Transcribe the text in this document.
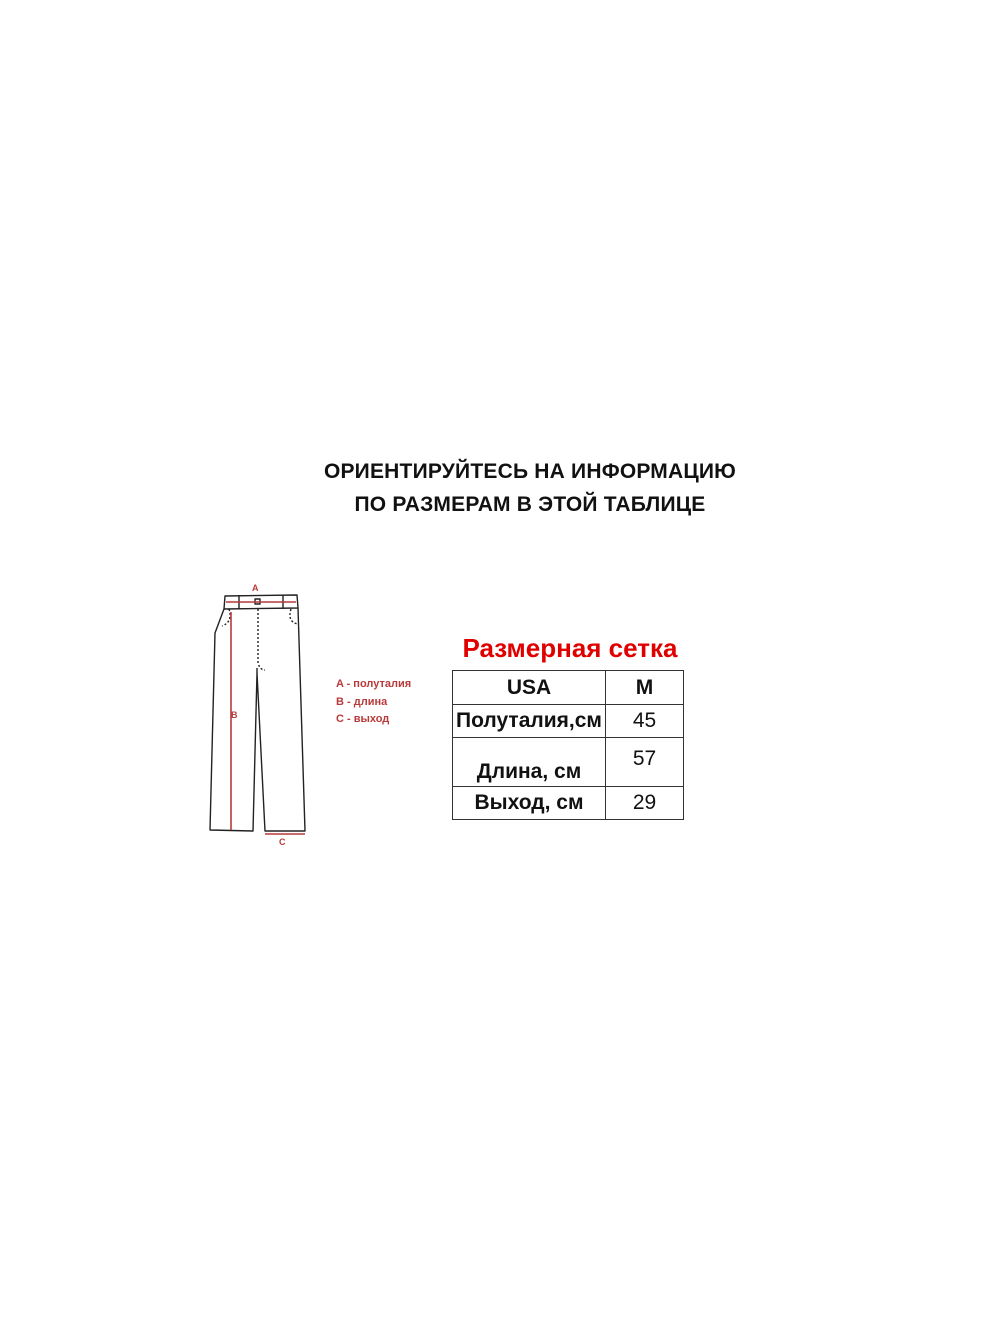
ОРИЕНТИРУЙТЕСЬ НА ИНФОРМАЦИЮ
ПО РАЗМЕРАМ В ЭТОЙ ТАБЛИЦЕ
A
B
C
A - полуталия
B - длина
C - выход
Размерная сетка
USA	M
Полуталия,см	45
Длина, см	57
Выход, см	29
